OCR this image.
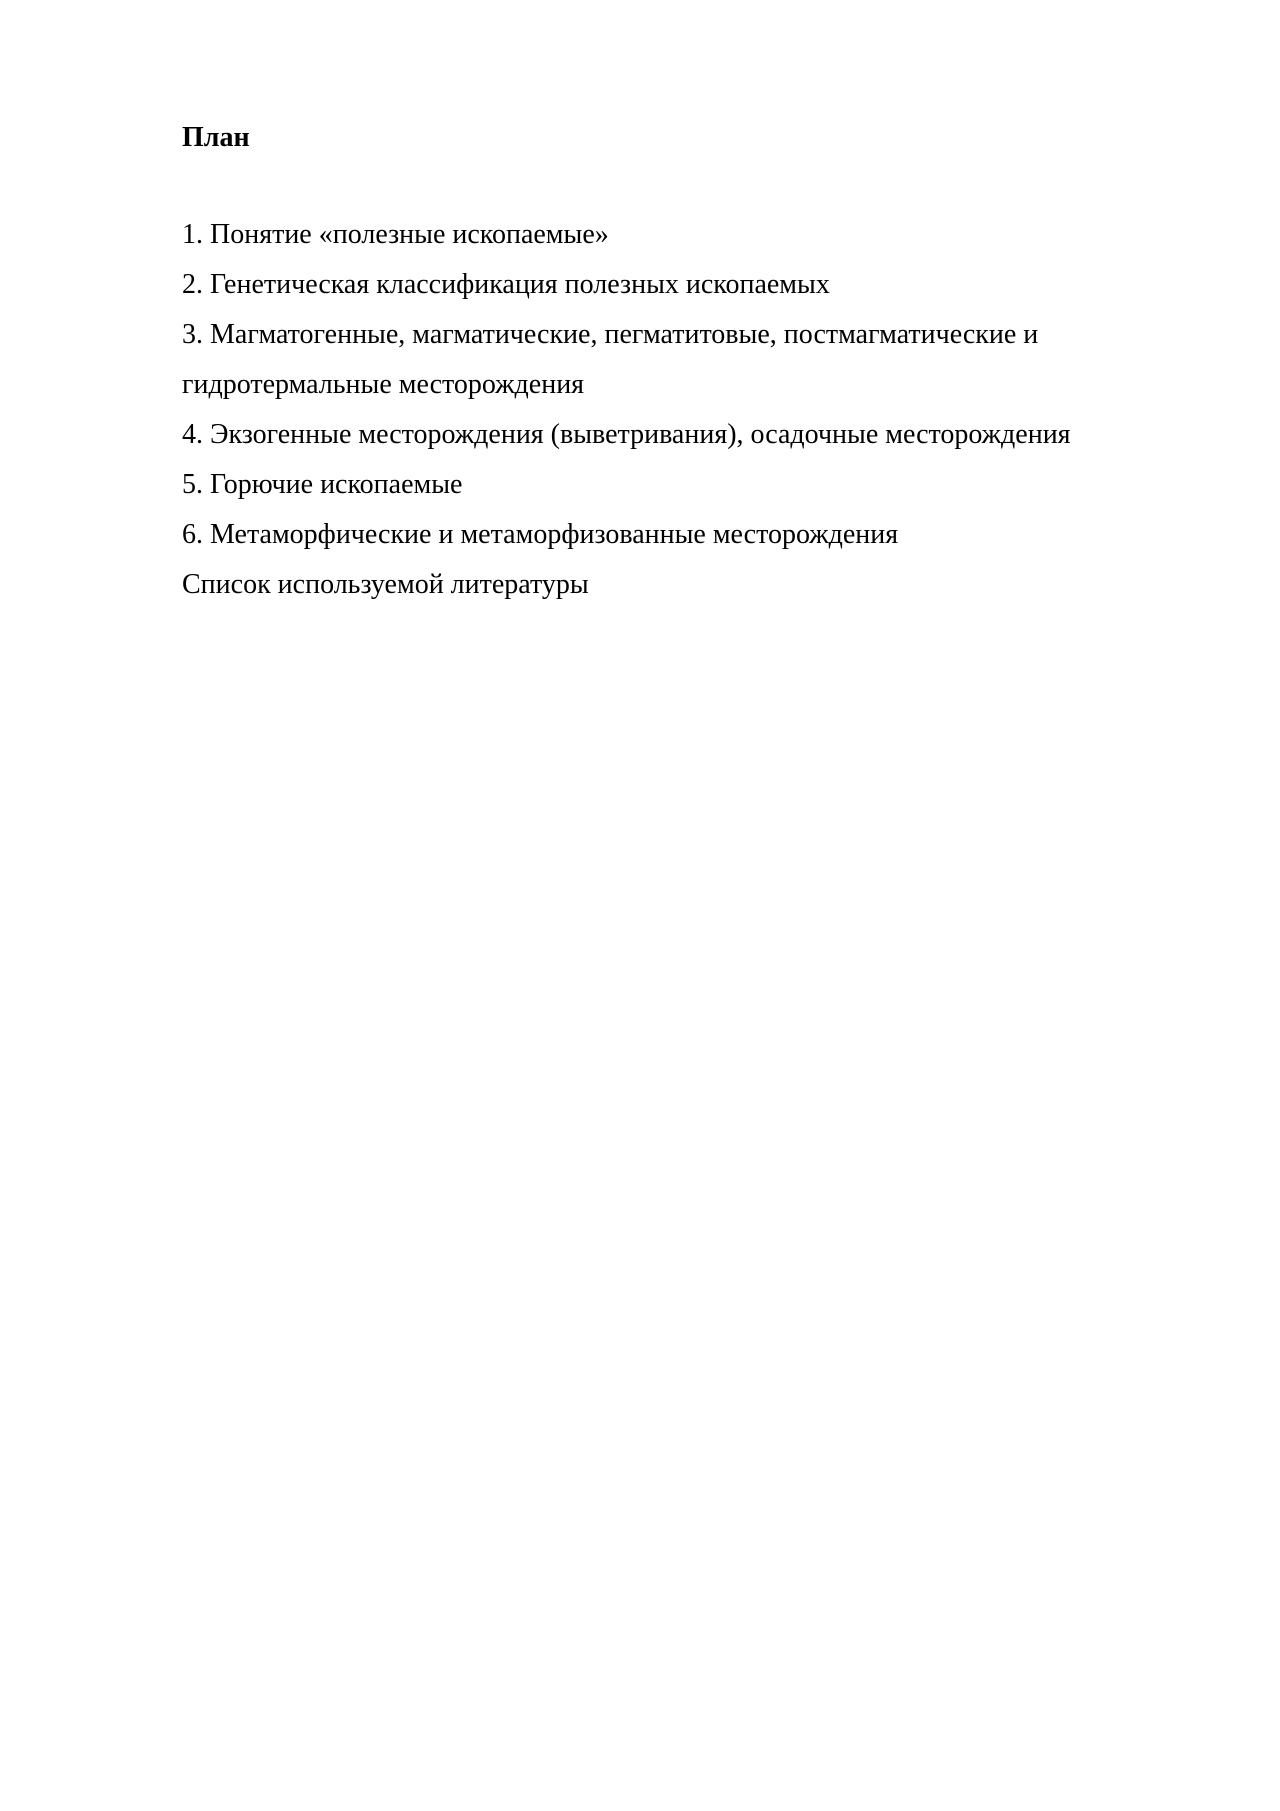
План
1. Понятие «полезные ископаемые»
2. Генетическая классификация полезных ископаемых
3. Магматогенные, магматические, пегматитовые, постмагматические и
гидротермальные месторождения
4. Экзогенные месторождения (выветривания), осадочные месторождения
5. Горючие ископаемые
6. Метаморфические и метаморфизованные месторождения
Список используемой литературы
